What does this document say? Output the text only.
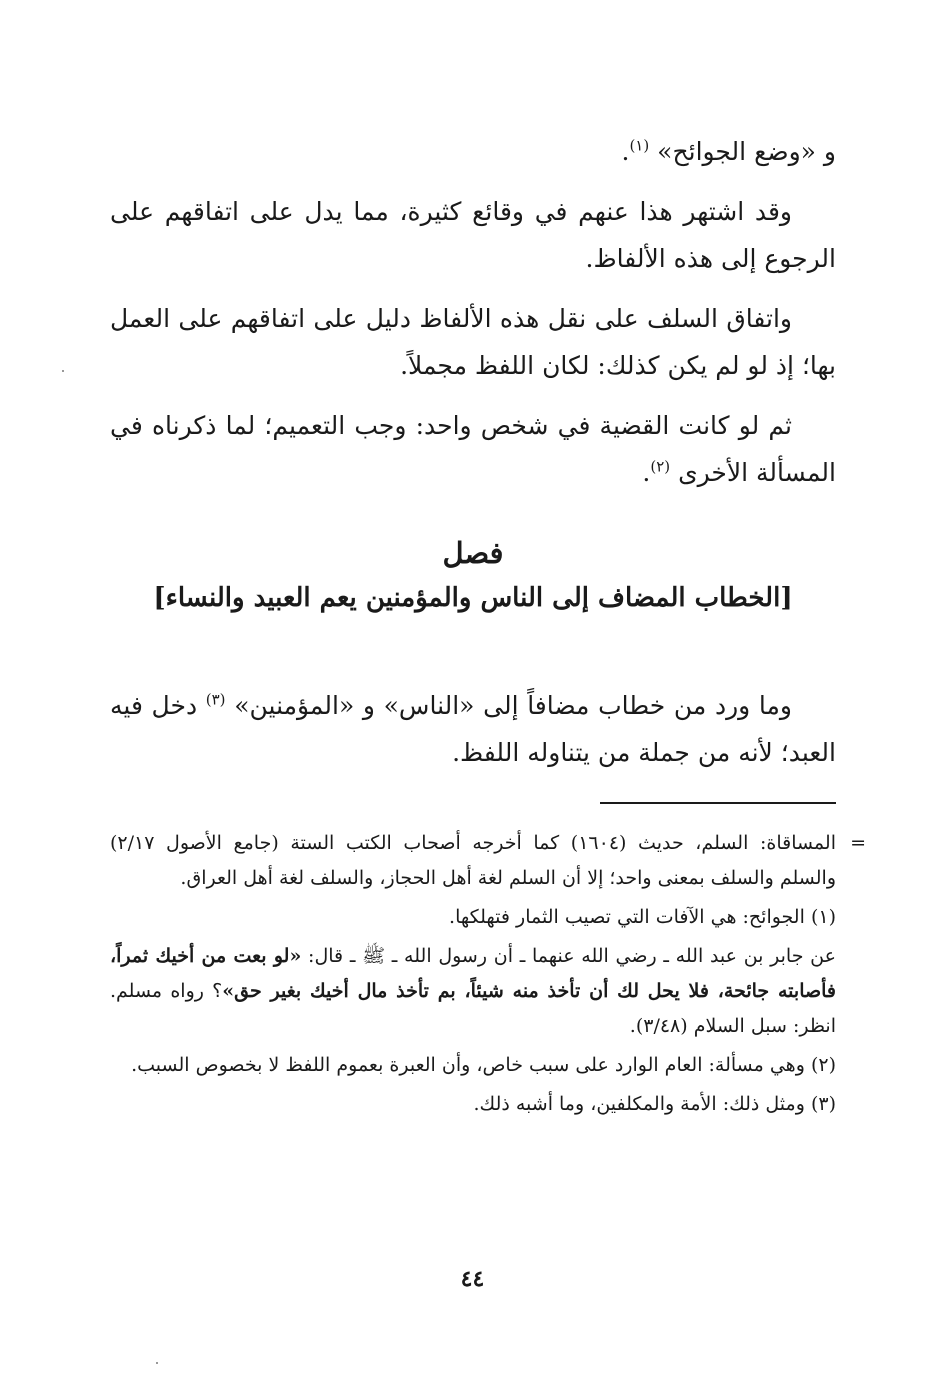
و «وضع الجوائح» $^{(١)}$.

وقد اشتهر هذا عنهم في وقائع كثيرة، مما يدل على اتفاقهم على الرجوع إلى هذه الألفاظ.

واتفاق السلف على نقل هذه الألفاظ دليل على اتفاقهم على العمل بها؛ إذ لو لم يكن كذلك: لكان اللفظ مجملاً.

ثم لو كانت القضية في شخص واحد: وجب التعميم؛ لما ذكرناه في المسألة الأخرى $^{(٢)}$.

فصل
[الخطاب المضاف إلى الناس والمؤمنين يعم العبيد والنساء]

وما ورد من خطاب مضافاً إلى «الناس» و «المؤمنين» $^{(٣)}$ دخل فيه العبد؛ لأنه من جملة من يتناوله اللفظ.

=
المساقاة: السلم، حديث (١٦٠٤) كما أخرجه أصحاب الكتب الستة (جامع الأصول ٢/١٧) والسلم والسلف بمعنى واحد؛ إلا أن السلم لغة أهل الحجاز، والسلف لغة أهل العراق.
(١) الجوائح: هي الآفات التي تصيب الثمار فتهلكها.
عن جابر بن عبد الله ـ رضي الله عنهما ـ أن رسول الله ـ ﷺ ـ قال: «لو بعت من أخيك ثمراً، فأصابته جائحة، فلا يحل لك أن تأخذ منه شيئاً، بم تأخذ مال أخيك بغير حق»؟ رواه مسلم. انظر: سبل السلام (٣/٤٨).
(٢) وهي مسألة: العام الوارد على سبب خاص، وأن العبرة بعموم اللفظ لا بخصوص السبب.
(٣) ومثل ذلك: الأمة والمكلفين، وما أشبه ذلك.
٤٤
